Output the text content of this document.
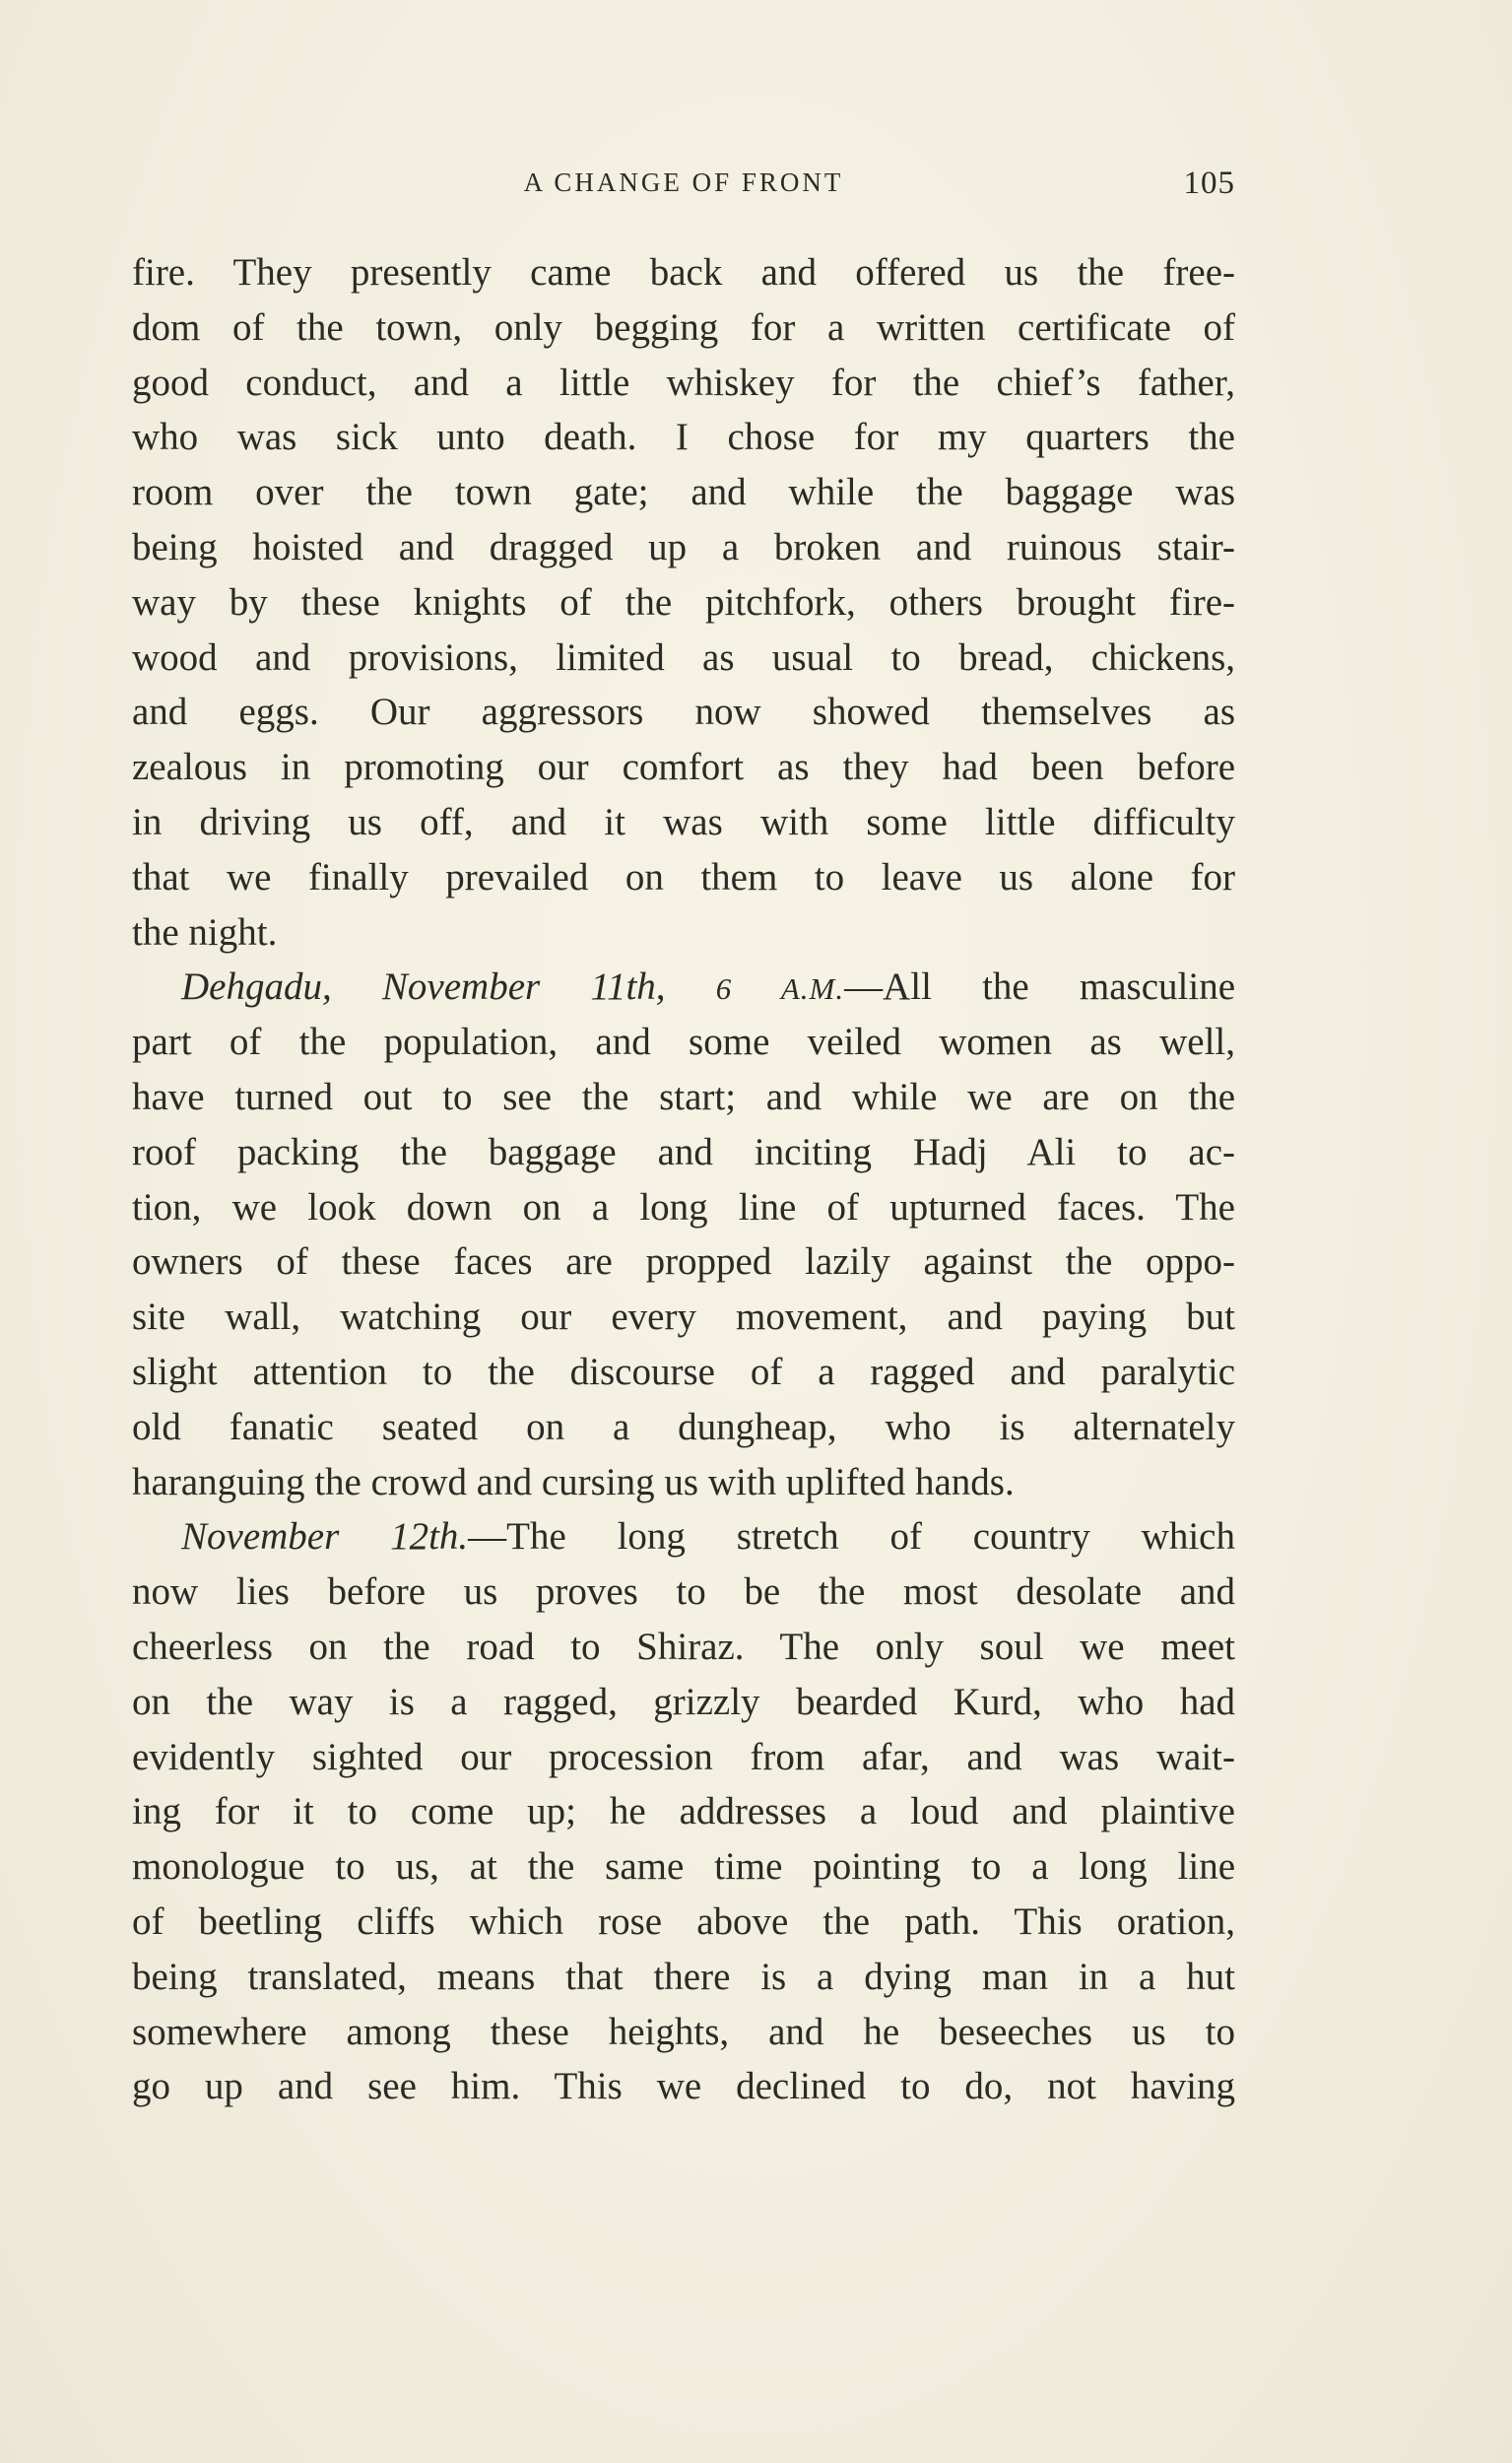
A CHANGE OF FRONT	105
fire. They presently came back and offered us the free-
dom of the town, only begging for a written certificate of
good conduct, and a little whiskey for the chief’s father,
who was sick unto death. I chose for my quarters the
room over the town gate; and while the baggage was
being hoisted and dragged up a broken and ruinous stair-
way by these knights of the pitchfork, others brought fire-
wood and provisions, limited as usual to bread, chickens,
and eggs. Our aggressors now showed themselves as
zealous in promoting our comfort as they had been before
in driving us off, and it was with some little difficulty
that we finally prevailed on them to leave us alone for
the night.
Dehgadu, November 11th, 6 A.M.—All the masculine
part of the population, and some veiled women as well,
have turned out to see the start; and while we are on the
roof packing the baggage and inciting Hadj Ali to ac-
tion, we look down on a long line of upturned faces. The
owners of these faces are propped lazily against the oppo-
site wall, watching our every movement, and paying but
slight attention to the discourse of a ragged and paralytic
old fanatic seated on a dungheap, who is alternately
haranguing the crowd and cursing us with uplifted hands.
November 12th.—The long stretch of country which
now lies before us proves to be the most desolate and
cheerless on the road to Shiraz. The only soul we meet
on the way is a ragged, grizzly bearded Kurd, who had
evidently sighted our procession from afar, and was wait-
ing for it to come up; he addresses a loud and plaintive
monologue to us, at the same time pointing to a long line
of beetling cliffs which rose above the path. This oration,
being translated, means that there is a dying man in a hut
somewhere among these heights, and he beseeches us to
go up and see him. This we declined to do, not having
